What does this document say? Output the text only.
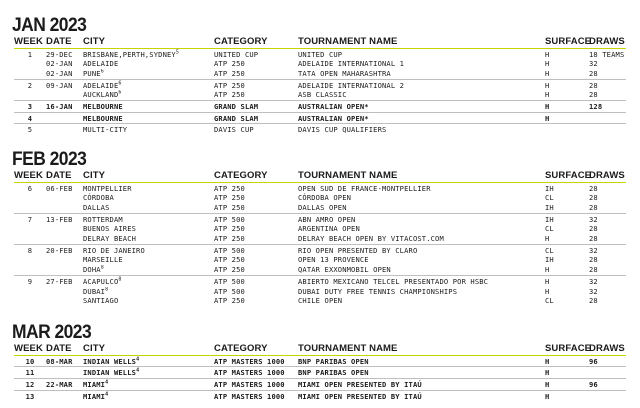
JAN 2023
WEEK	DATE	CITY	CATEGORY	TOURNAMENT NAME	SURFACE	DRAWS
1	29-DEC	BRISBANE,PERTH,SYDNEY$^5$	UNITED CUP	UNITED CUP	H	18 TEAMS
	02-JAN	ADELAIDE	ATP 250	ADELAIDE INTERNATIONAL 1	H	32
	02-JAN	PUNE$^6$	ATP 250	TATA OPEN MAHARASHTRA	H	28
2	09-JAN	ADELAIDE$^6$	ATP 250	ADELAIDE INTERNATIONAL 2	H	28
		AUCKLAND$^6$	ATP 250	ASB CLASSIC	H	28
3	16-JAN	MELBOURNE	GRAND SLAM	AUSTRALIAN OPEN*	H	128
4		MELBOURNE	GRAND SLAM	AUSTRALIAN OPEN*	H	
5		MULTI-CITY	DAVIS CUP	DAVIS CUP QUALIFIERS		
FEB 2023
WEEK	DATE	CITY	CATEGORY	TOURNAMENT NAME	SURFACE	DRAWS
6	06-FEB	MONTPELLIER	ATP 250	OPEN SUD DE FRANCE-MONTPELLIER	IH	28
		CÓRDOBA	ATP 250	CÓRDOBA OPEN	CL	28
		DALLAS	ATP 250	DALLAS OPEN	IH	28
7	13-FEB	ROTTERDAM	ATP 500	ABN AMRO OPEN	IH	32
		BUENOS AIRES	ATP 250	ARGENTINA OPEN	CL	28
		DELRAY BEACH	ATP 250	DELRAY BEACH OPEN BY VITACOST.COM	H	28
8	20-FEB	RIO DE JANEIRO	ATP 500	RIO OPEN PRESENTED BY CLARO	CL	32
		MARSEILLE	ATP 250	OPEN 13 PROVENCE	IH	28
		DOHA$^8$	ATP 250	QATAR EXXONMOBIL OPEN	H	28
9	27-FEB	ACAPULCO$^8$	ATP 500	ABIERTO MEXICANO TELCEL PRESENTADO POR HSBC	H	32
		DUBAI$^8$	ATP 500	DUBAI DUTY FREE TENNIS CHAMPIONSHIPS	H	32
		SANTIAGO	ATP 250	CHILE OPEN	CL	28
MAR 2023
WEEK	DATE	CITY	CATEGORY	TOURNAMENT NAME	SURFACE	DRAWS
10	08-MAR	INDIAN WELLS$^4$	ATP MASTERS 1000	BNP PARIBAS OPEN	H	96
11		INDIAN WELLS$^4$	ATP MASTERS 1000	BNP PARIBAS OPEN	H	
12	22-MAR	MIAMI$^4$	ATP MASTERS 1000	MIAMI OPEN PRESENTED BY ITAÚ	H	96
13		MIAMI$^4$	ATP MASTERS 1000	MIAMI OPEN PRESENTED BY ITAÚ	H	
